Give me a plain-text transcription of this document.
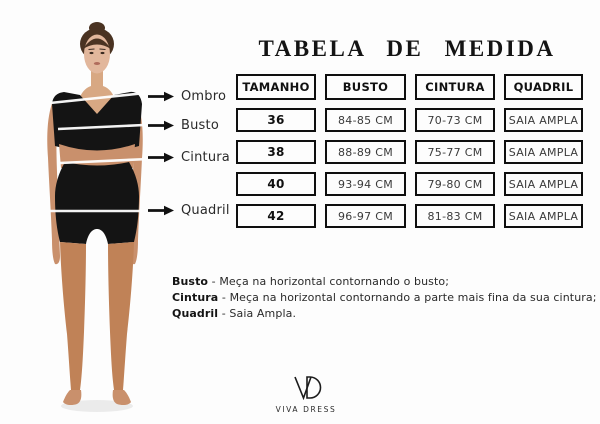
Ombro
Busto
Cintura
Quadril
TABELA DE MEDIDA
TAMANHO	BUSTO	CINTURA	QUADRIL
36	84-85 CM	70-73 CM	SAIA AMPLA
38	88-89 CM	75-77 CM	SAIA AMPLA
40	93-94 CM	79-80 CM	SAIA AMPLA
42	96-97 CM	81-83 CM	SAIA AMPLA

Busto - Meça na horizontal contornando o busto;

Cintura - Meça na horizontal contornando a parte mais fina da sua cintura;

Quadril - Saia Ampla.

VIVA DRESS
